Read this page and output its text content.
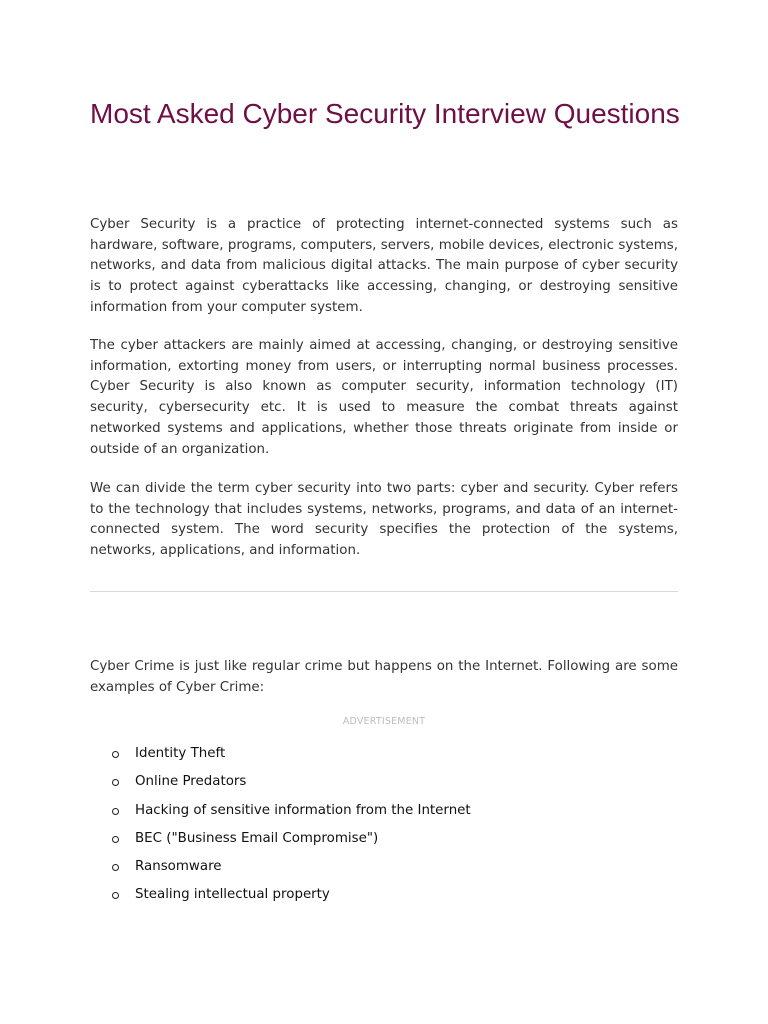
Most Asked Cyber Security Interview Questions

Cyber Security is a practice of protecting internet-connected systems such as hardware, software, programs, computers, servers, mobile devices, electronic systems, networks, and data from malicious digital attacks. The main purpose of cyber security is to protect against cyberattacks like accessing, changing, or destroying sensitive information from your computer system.

The cyber attackers are mainly aimed at accessing, changing, or destroying sensitive information, extorting money from users, or interrupting normal business processes. Cyber Security is also known as computer security, information technology (IT) security, cybersecurity etc. It is used to measure the combat threats against networked systems and applications, whether those threats originate from inside or outside of an organization.

We can divide the term cyber security into two parts: cyber and security. Cyber refers to the technology that includes systems, networks, programs, and data of an internet-connected system. The word security specifies the protection of the systems, networks, applications, and information.

Cyber Crime is just like regular crime but happens on the Internet. Following are some examples of Cyber Crime:

ADVERTISEMENT
Identity Theft
Online Predators
Hacking of sensitive information from the Internet
BEC ("Business Email Compromise")
Ransomware
Stealing intellectual property
